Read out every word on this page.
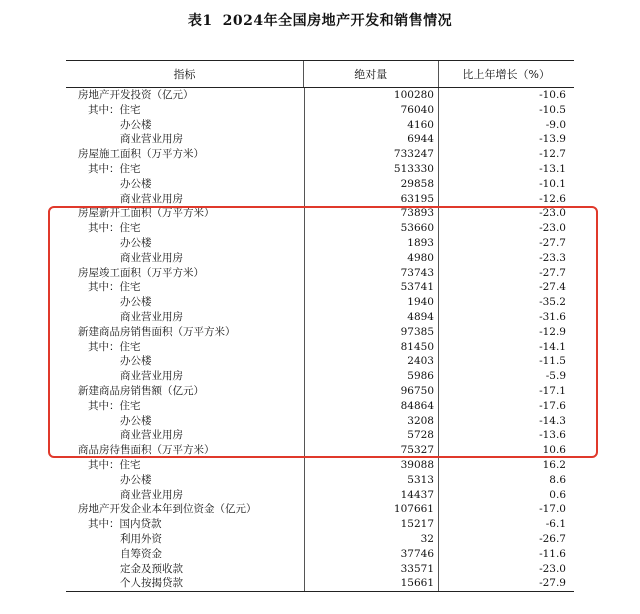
表1 2024年全国房地产开发和销售情况
指标	绝对量	比上年增长（%）
房地产开发投资（亿元）	100280	-10.6
其中：住宅	76040	-10.5
办公楼	4160	-9.0
商业营业用房	6944	-13.9
房屋施工面积（万平方米）	733247	-12.7
其中：住宅	513330	-13.1
办公楼	29858	-10.1
商业营业用房	63195	-12.6
房屋新开工面积（万平方米）	73893	-23.0
其中：住宅	53660	-23.0
办公楼	1893	-27.7
商业营业用房	4980	-23.3
房屋竣工面积（万平方米）	73743	-27.7
其中：住宅	53741	-27.4
办公楼	1940	-35.2
商业营业用房	4894	-31.6
新建商品房销售面积（万平方米）	97385	-12.9
其中：住宅	81450	-14.1
办公楼	2403	-11.5
商业营业用房	5986	-5.9
新建商品房销售额（亿元）	96750	-17.1
其中：住宅	84864	-17.6
办公楼	3208	-14.3
商业营业用房	5728	-13.6
商品房待售面积（万平方米）	75327	10.6
其中：住宅	39088	16.2
办公楼	5313	8.6
商业营业用房	14437	0.6
房地产开发企业本年到位资金（亿元）	107661	-17.0
其中：国内贷款	15217	-6.1
利用外资	32	-26.7
自筹资金	37746	-11.6
定金及预收款	33571	-23.0
个人按揭贷款	15661	-27.9
